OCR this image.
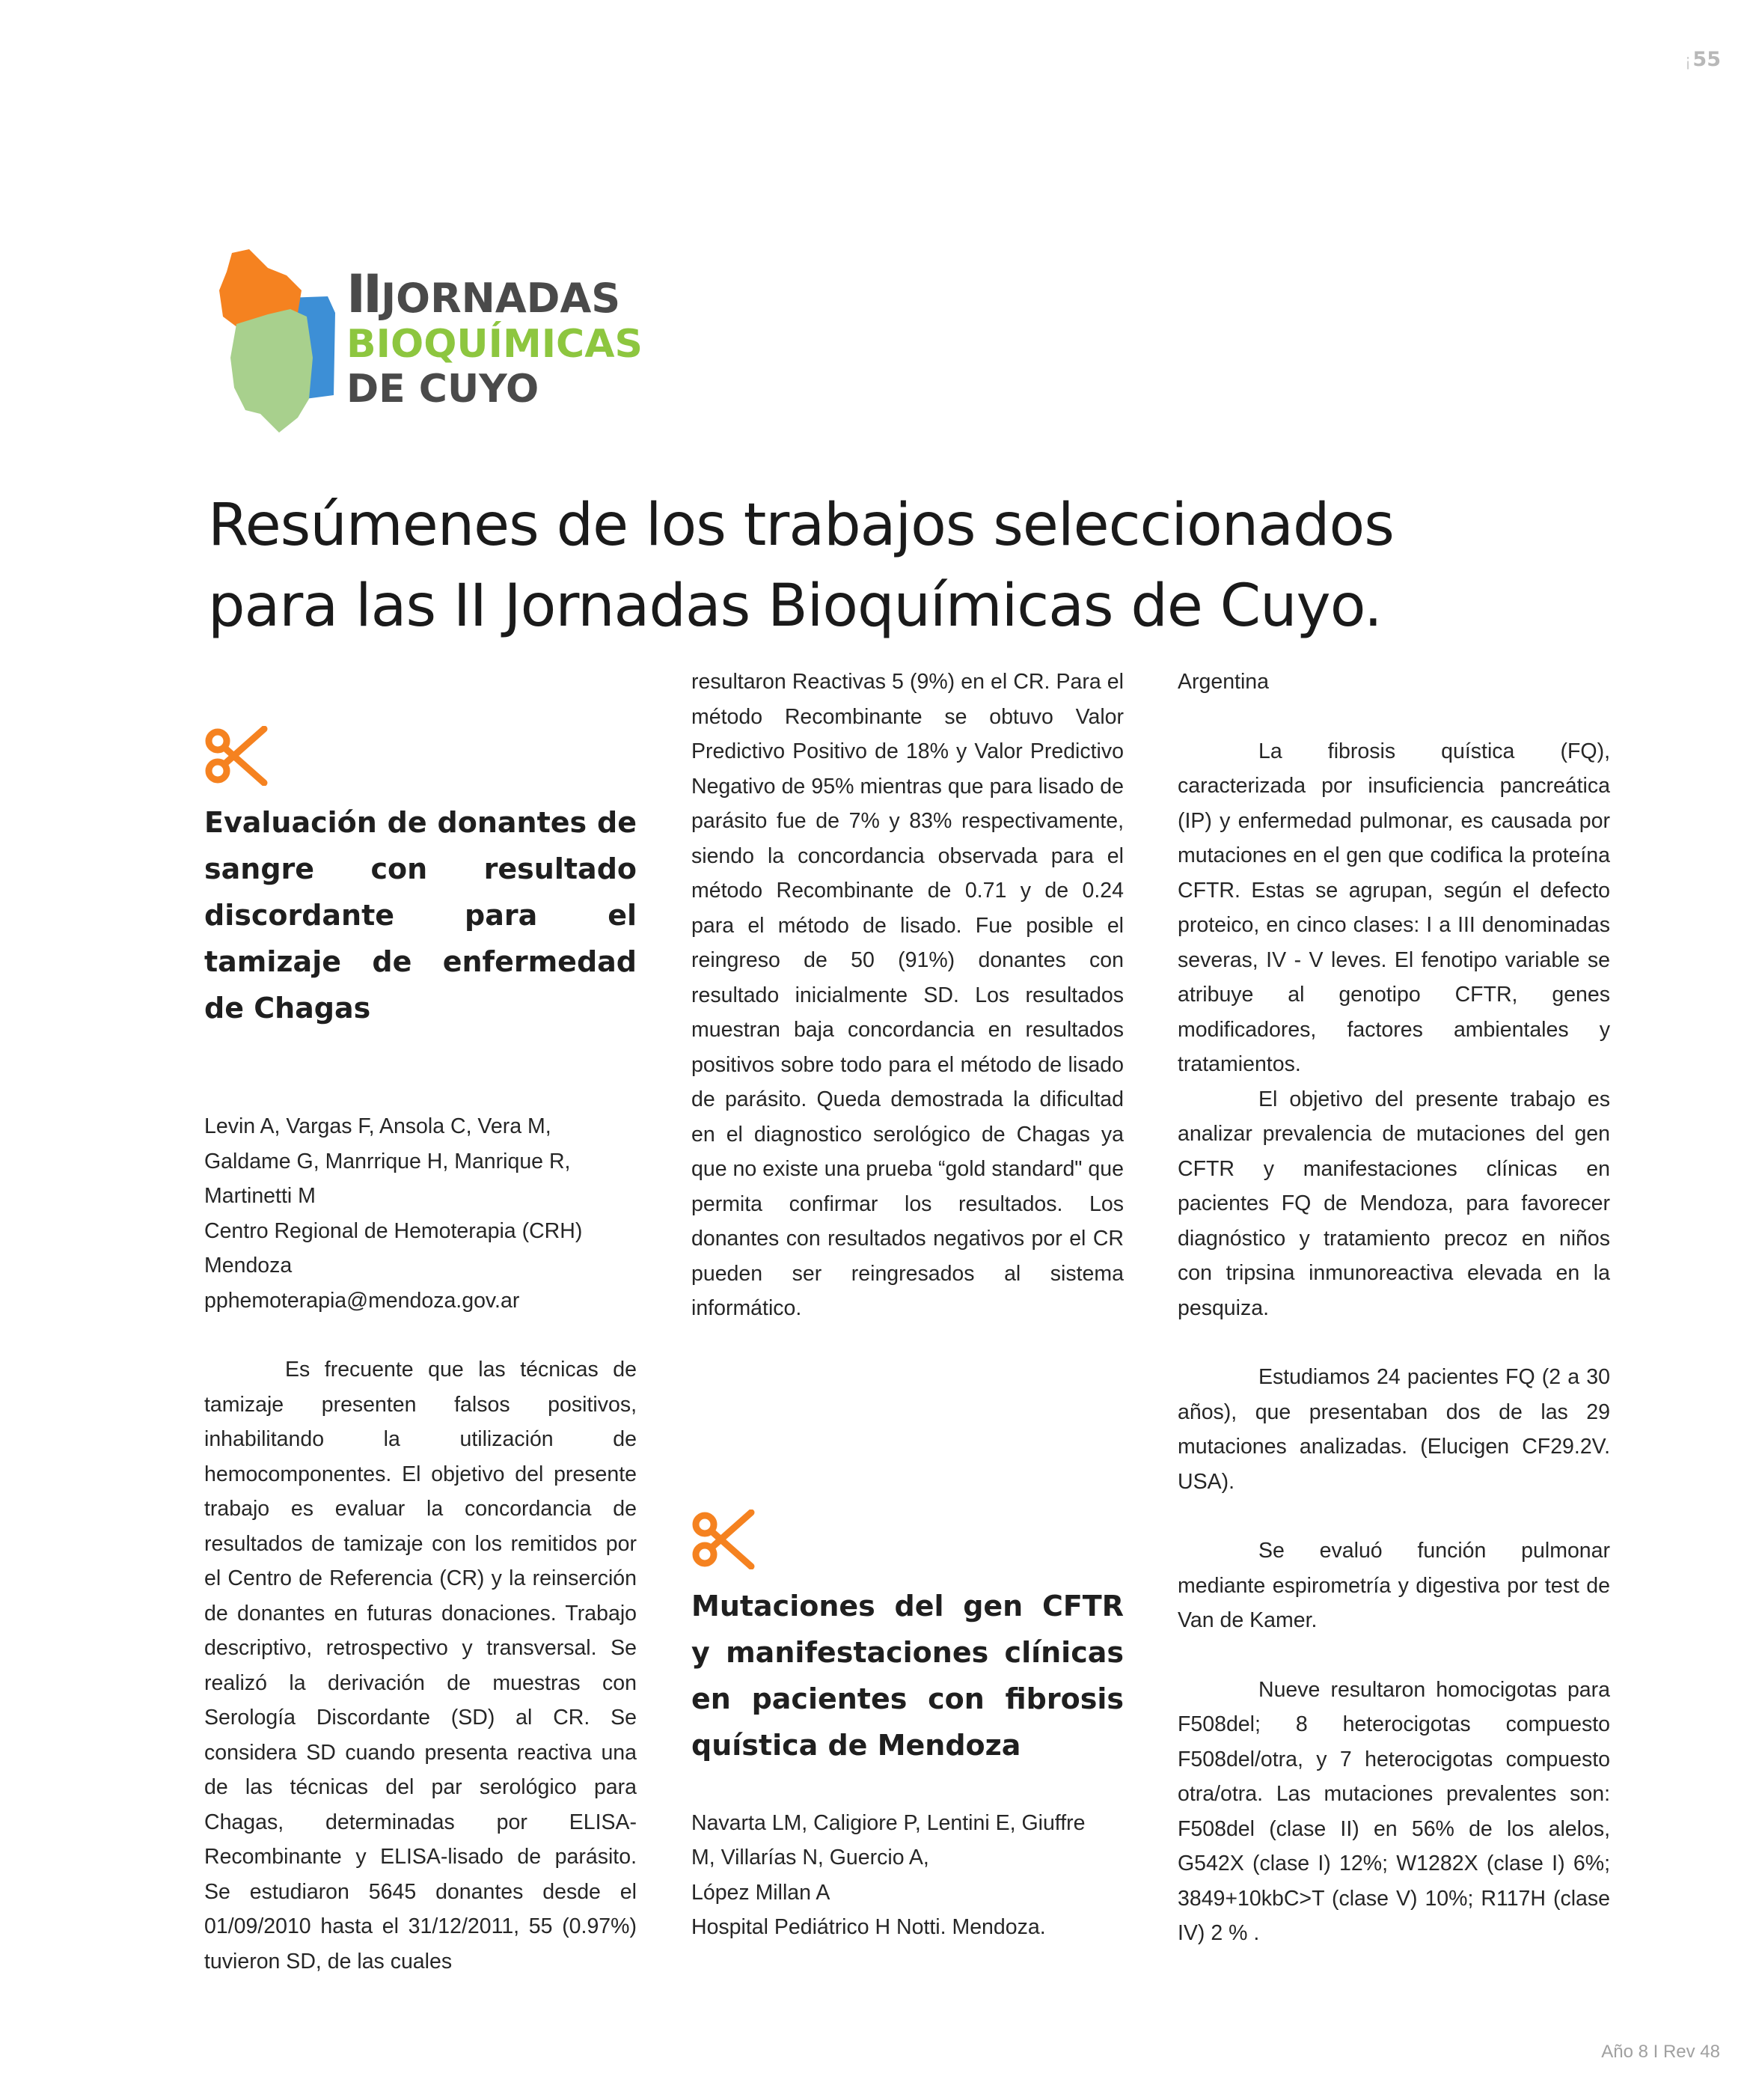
¡55
IIJORNADAS
BIOQUÍMICAS
DE CUYO
Resúmenes de los trabajos seleccionados
para las II Jornadas Bioquímicas de Cuyo.
Evaluación de donantes de sangre con resultado discordante para el tamizaje de enfermedad de Chagas

Levin A, Vargas F, Ansola C, Vera M,

Galdame G, Manrrique H, Manrique R,

Martinetti M

Centro Regional de Hemoterapia (CRH)

Mendoza

pphemoterapia@mendoza.gov.ar

Es frecuente que las técnicas de tamizaje presenten falsos positivos, inhabilitando la utilización de hemocomponentes. El objetivo del presente trabajo es evaluar la concordancia de resultados de tamizaje con los remitidos por el Centro de Referencia (CR) y la reinserción de donantes en futuras donaciones. Trabajo descriptivo, retrospectivo y transversal. Se realizó la derivación de muestras con Serología Discordante (SD) al CR. Se considera SD cuando presenta reactiva una de las técnicas del par serológico para Chagas, determinadas por ELISA-Recombinante y ELISA-lisado de parásito. Se estudiaron 5645 donantes desde el 01/09/2010 hasta el 31/12/2011, 55 (0.97%) tuvieron SD, de las cuales

resultaron Reactivas 5 (9%) en el CR. Para el método Recombinante se obtuvo Valor Predictivo Positivo de 18% y Valor Predictivo Negativo de 95% mientras que para lisado de parásito fue de 7% y 83% respectivamente, siendo la concordancia observada para el método Recombinante de 0.71 y de 0.24 para el método de lisado. Fue posible el reingreso de 50 (91%) donantes con resultado inicialmente SD. Los resultados muestran baja concordancia en resultados positivos sobre todo para el método de lisado de parásito. Queda demostrada la dificultad en el diagnostico serológico de Chagas ya que no existe una prueba “gold standard" que permita confirmar los resultados. Los donantes con resultados negativos por el CR pueden ser reingresados al sistema informático.

Mutaciones del gen CFTR y manifestaciones clínicas en pacientes con fibrosis quística de Mendoza

Navarta LM, Caligiore P, Lentini E, Giuffre

M, Villarías N, Guercio A,

López Millan A

Hospital Pediátrico H Notti. Mendoza.

Argentina

La fibrosis quística (FQ), caracterizada por insuficiencia pancreática (IP) y enfermedad pulmonar, es causada por mutaciones en el gen que codifica la proteína CFTR. Estas se agrupan, según el defecto proteico, en cinco clases: I a III denominadas severas, IV - V leves. El fenotipo variable se atribuye al genotipo CFTR, genes modificadores, factores ambientales y tratamientos.

El objetivo del presente trabajo es analizar prevalencia de mutaciones del gen CFTR y manifestaciones clínicas en pacientes FQ de Mendoza, para favorecer diagnóstico y tratamiento precoz en niños con tripsina inmunoreactiva elevada en la pesquiza.

Estudiamos 24 pacientes FQ (2 a 30 años), que presentaban dos de las 29 mutaciones analizadas. (Elucigen CF29.2V. USA).

Se evaluó función pulmonar mediante espirometría y digestiva por test de Van de Kamer.

Nueve resultaron homocigotas para F508del; 8 heterocigotas compuesto F508del/otra, y 7 heterocigotas compuesto otra/otra. Las mutaciones prevalentes son: F508del (clase II) en 56% de los alelos, G542X (clase I) 12%; W1282X (clase I) 6%; 3849+10kbC>T (clase V) 10%; R117H (clase IV) 2 % .

Año 8 I Rev 48
